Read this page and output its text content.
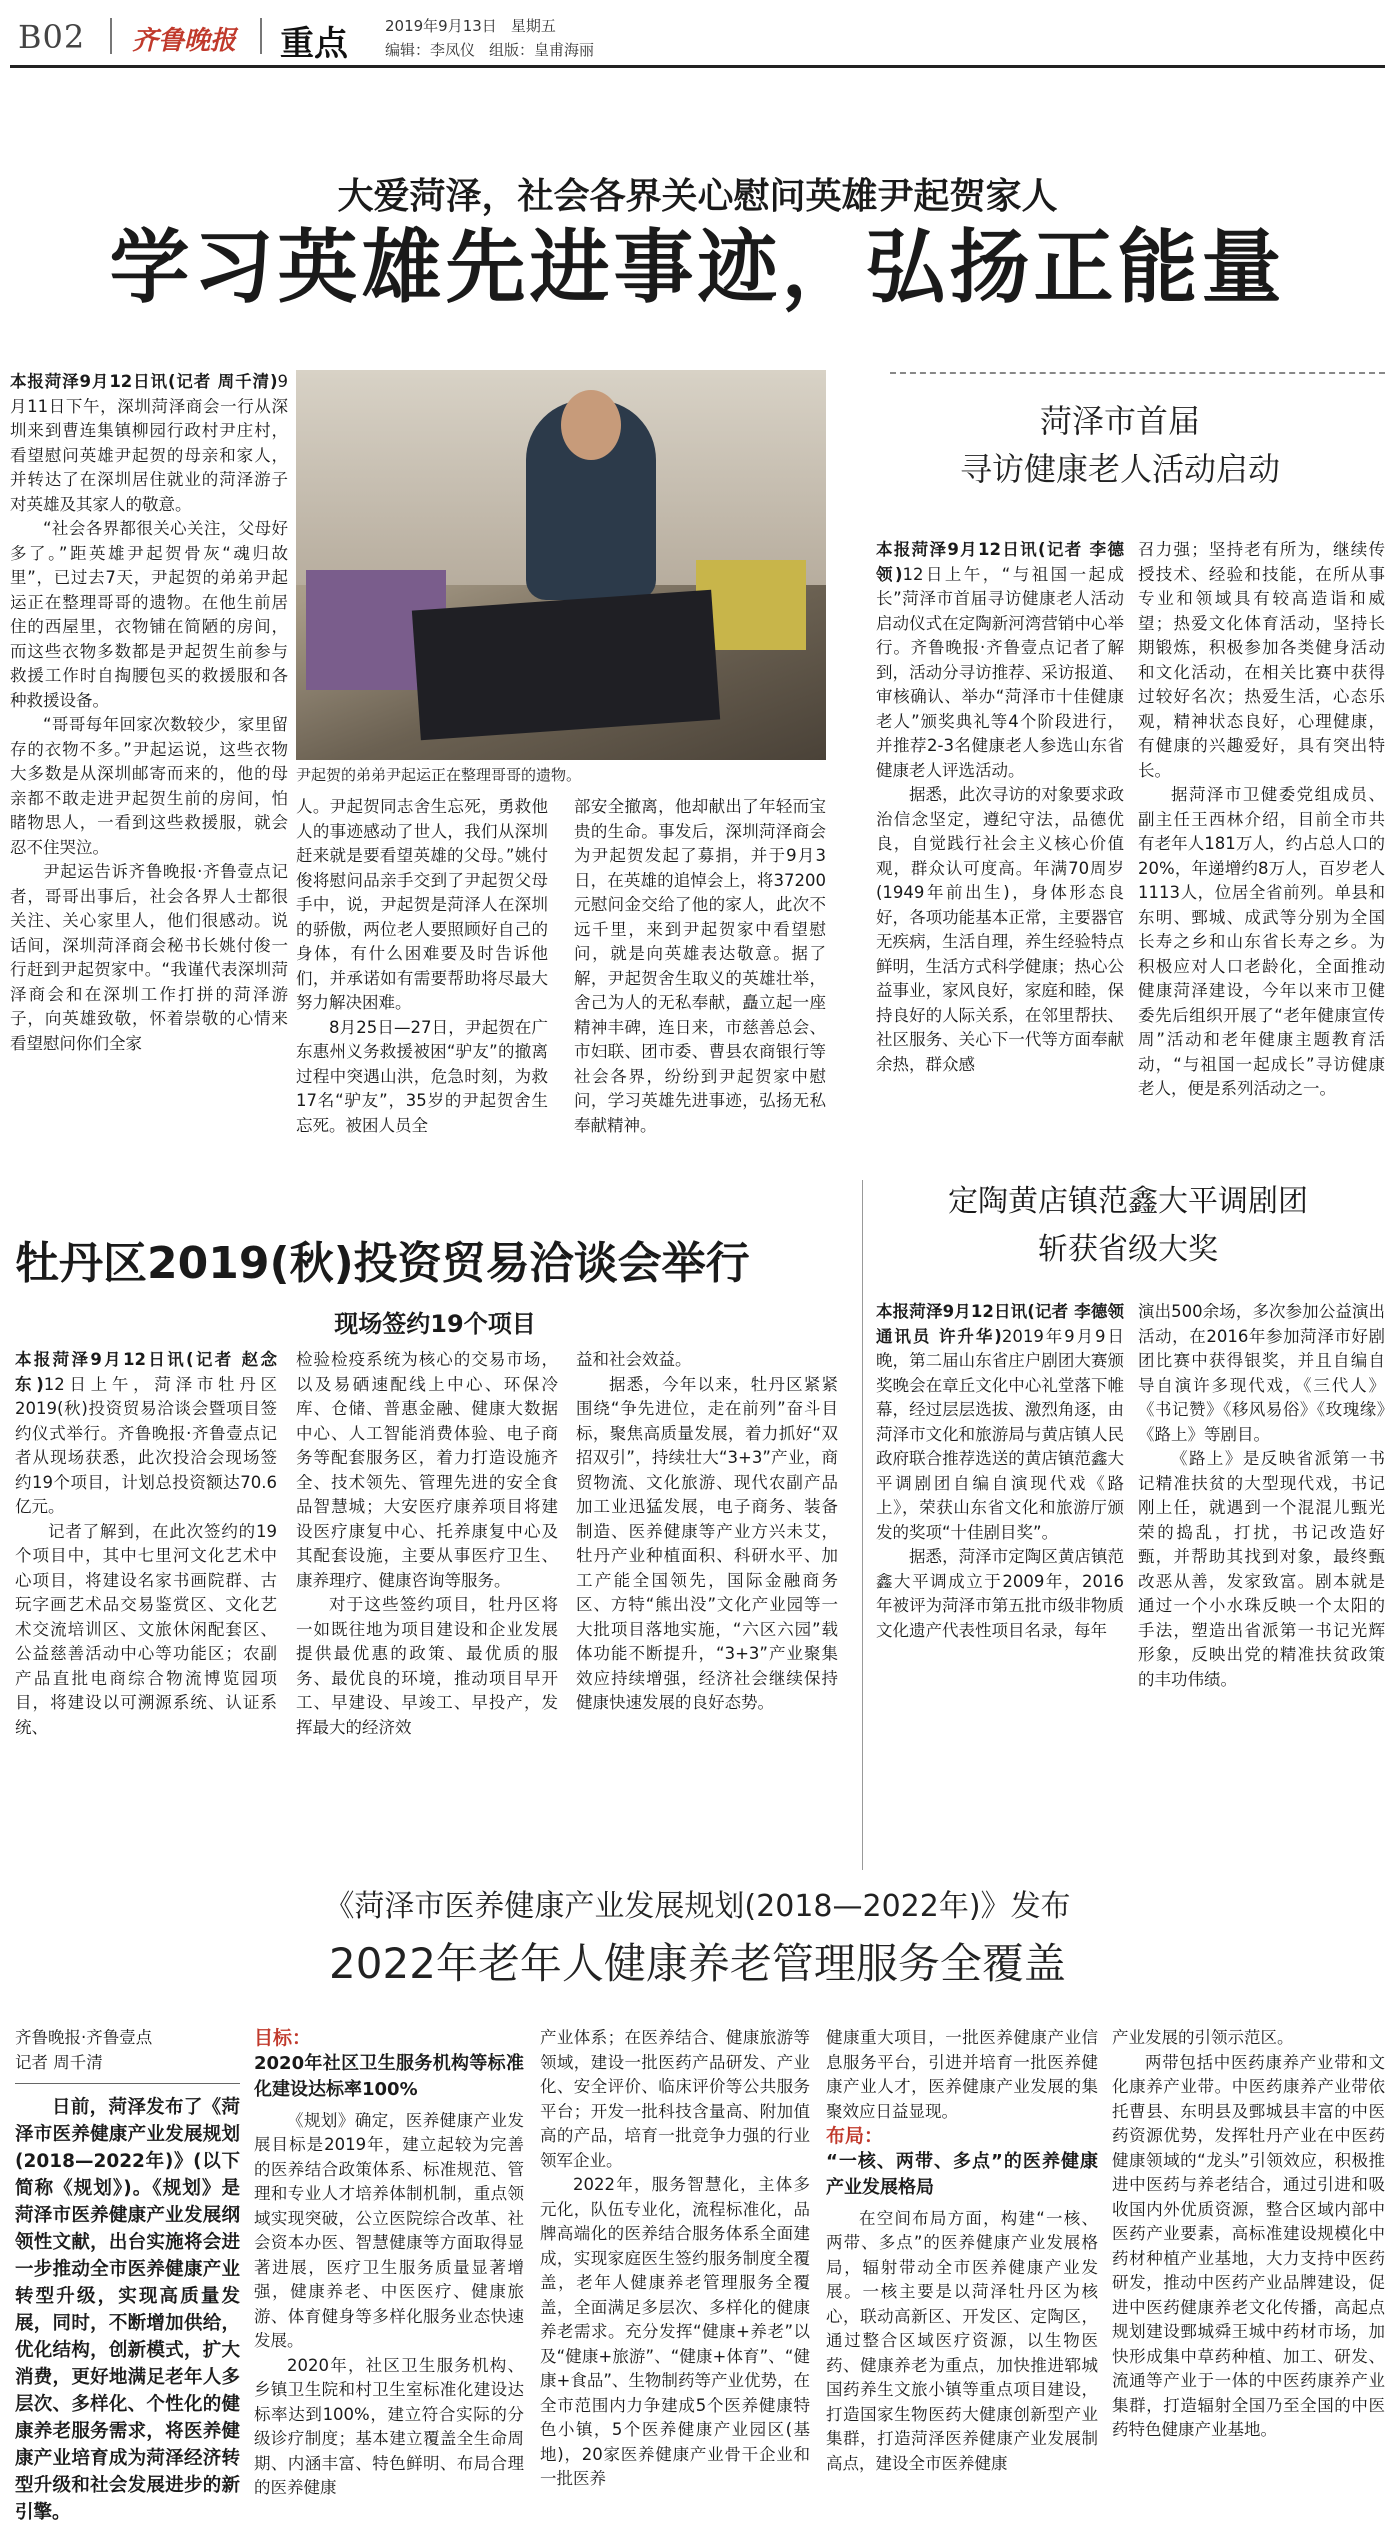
B02 齐鲁晚报 重点 2019年9月13日 星期五
编辑：李凤仪 组版：皇甫海丽
大爱菏泽，社会各界关心慰问英雄尹起贺家人
学习英雄先进事迹，弘扬正能量

本报菏泽9月12日讯(记者 周千清)9月11日下午，深圳菏泽商会一行从深圳来到曹连集镇柳园行政村尹庄村，看望慰问英雄尹起贺的母亲和家人，并转达了在深圳居住就业的菏泽游子对英雄及其家人的敬意。

“社会各界都很关心关注，父母好多了。”距英雄尹起贺骨灰“魂归故里”，已过去7天，尹起贺的弟弟尹起运正在整理哥哥的遗物。在他生前居住的西屋里，衣物铺在简陋的房间，而这些衣物多数都是尹起贺生前参与救援工作时自掏腰包买的救援服和各种救援设备。

“哥哥每年回家次数较少，家里留存的衣物不多。”尹起运说，这些衣物大多数是从深圳邮寄而来的，他的母亲都不敢走进尹起贺生前的房间，怕睹物思人，一看到这些救援服，就会忍不住哭泣。

尹起运告诉齐鲁晚报·齐鲁壹点记者，哥哥出事后，社会各界人士都很关注、关心家里人，他们很感动。说话间，深圳菏泽商会秘书长姚付俊一行赶到尹起贺家中。“我谨代表深圳菏泽商会和在深圳工作打拼的菏泽游子，向英雄致敬，怀着崇敬的心情来看望慰问你们全家

尹起贺的弟弟尹起运正在整理哥哥的遗物。

人。尹起贺同志舍生忘死，勇救他人的事迹感动了世人，我们从深圳赶来就是要看望英雄的父母。”姚付俊将慰问品亲手交到了尹起贺父母手中，说，尹起贺是菏泽人在深圳的骄傲，两位老人要照顾好自己的身体，有什么困难要及时告诉他们，并承诺如有需要帮助将尽最大努力解决困难。

8月25日—27日，尹起贺在广东惠州义务救援被困“驴友”的撤离过程中突遇山洪，危急时刻，为救17名“驴友”，35岁的尹起贺舍生忘死。被困人员全

部安全撤离，他却献出了年轻而宝贵的生命。事发后，深圳菏泽商会为尹起贺发起了募捐，并于9月3日，在英雄的追悼会上，将37200元慰问金交给了他的家人，此次不远千里，来到尹起贺家中看望慰问，就是向英雄表达敬意。据了解，尹起贺舍生取义的英雄壮举，舍己为人的无私奉献，矗立起一座精神丰碑，连日来，市慈善总会、市妇联、团市委、曹县农商银行等社会各界，纷纷到尹起贺家中慰问，学习英雄先进事迹，弘扬无私奉献精神。

菏泽市首届
寻访健康老人活动启动

本报菏泽9月12日讯(记者 李德领)12日上午，“与祖国一起成长”菏泽市首届寻访健康老人活动启动仪式在定陶新河湾营销中心举行。齐鲁晚报·齐鲁壹点记者了解到，活动分寻访推荐、采访报道、审核确认、举办“菏泽市十佳健康老人”颁奖典礼等4个阶段进行，并推荐2-3名健康老人参选山东省健康老人评选活动。

据悉，此次寻访的对象要求政治信念坚定，遵纪守法，品德优良，自觉践行社会主义核心价值观，群众认可度高。年满70周岁(1949年前出生)，身体形态良好，各项功能基本正常，主要器官无疾病，生活自理，养生经验特点鲜明，生活方式科学健康；热心公益事业，家风良好，家庭和睦，保持良好的人际关系，在邻里帮扶、社区服务、关心下一代等方面奉献余热，群众感

召力强；坚持老有所为，继续传授技术、经验和技能，在所从事专业和领域具有较高造诣和威望；热爱文化体育活动，坚持长期锻炼，积极参加各类健身活动和文化活动，在相关比赛中获得过较好名次；热爱生活，心态乐观，精神状态良好，心理健康，有健康的兴趣爱好，具有突出特长。

据菏泽市卫健委党组成员、副主任王西林介绍，目前全市共有老年人181万人，约占总人口的20%，年递增约8万人，百岁老人1113人，位居全省前列。单县和东明、鄄城、成武等分别为全国长寿之乡和山东省长寿之乡。为积极应对人口老龄化，全面推动健康菏泽建设，今年以来市卫健委先后组织开展了“老年健康宣传周”活动和老年健康主题教育活动，“与祖国一起成长”寻访健康老人，便是系列活动之一。

牡丹区2019(秋)投资贸易洽谈会举行
现场签约19个项目

本报菏泽9月12日讯(记者 赵念东)12日上午，菏泽市牡丹区2019(秋)投资贸易洽谈会暨项目签约仪式举行。齐鲁晚报·齐鲁壹点记者从现场获悉，此次投洽会现场签约19个项目，计划总投资额达70.6亿元。

记者了解到，在此次签约的19个项目中，其中七里河文化艺术中心项目，将建设名家书画院群、古玩字画艺术品交易鉴赏区、文化艺术交流培训区、文旅休闲配套区、公益慈善活动中心等功能区；农副产品直批电商综合物流博览园项目，将建设以可溯源系统、认证系统、

检验检疫系统为核心的交易市场，以及易硒速配线上中心、环保冷库、仓储、普惠金融、健康大数据中心、人工智能消费体验、电子商务等配套服务区，着力打造设施齐全、技术领先、管理先进的安全食品智慧城；大安医疗康养项目将建设医疗康复中心、托养康复中心及其配套设施，主要从事医疗卫生、康养理疗、健康咨询等服务。

对于这些签约项目，牡丹区将一如既往地为项目建设和企业发展提供最优惠的政策、最优质的服务、最优良的环境，推动项目早开工、早建设、早竣工、早投产，发挥最大的经济效

益和社会效益。

据悉，今年以来，牡丹区紧紧围绕“争先进位，走在前列”奋斗目标，聚焦高质量发展，着力抓好“双招双引”，持续壮大“3+3”产业，商贸物流、文化旅游、现代农副产品加工业迅猛发展，电子商务、装备制造、医养健康等产业方兴未艾，牡丹产业种植面积、科研水平、加工产能全国领先，国际金融商务区、方特“熊出没”文化产业园等一大批项目落地实施，“六区六园”载体功能不断提升，“3+3”产业聚集效应持续增强，经济社会继续保持健康快速发展的良好态势。

定陶黄店镇范鑫大平调剧团
斩获省级大奖

本报菏泽9月12日讯(记者 李德领 通讯员 许升华)2019年9月9日晚，第二届山东省庄户剧团大赛颁奖晚会在章丘文化中心礼堂落下帷幕，经过层层选拔、激烈角逐，由菏泽市文化和旅游局与黄店镇人民政府联合推荐选送的黄店镇范鑫大平调剧团自编自演现代戏《路上》，荣获山东省文化和旅游厅颁发的奖项“十佳剧目奖”。

据悉，菏泽市定陶区黄店镇范鑫大平调成立于2009年，2016年被评为菏泽市第五批市级非物质文化遗产代表性项目名录，每年

演出500余场，多次参加公益演出活动，在2016年参加菏泽市好剧团比赛中获得银奖，并且自编自导自演许多现代戏，《三代人》《书记赞》《移风易俗》《玫瑰缘》《路上》等剧目。

《路上》是反映省派第一书记精准扶贫的大型现代戏，书记刚上任，就遇到一个混混儿甄光荣的捣乱，打扰，书记改造好甄，并帮助其找到对象，最终甄改恶从善，发家致富。剧本就是通过一个小水珠反映一个太阳的手法，塑造出省派第一书记光辉形象，反映出党的精准扶贫政策的丰功伟绩。

《菏泽市医养健康产业发展规划(2018—2022年)》发布
2022年老年人健康养老管理服务全覆盖

齐鲁晚报·齐鲁壹点

记者 周千清

日前，菏泽发布了《菏泽市医养健康产业发展规划(2018—2022年)》(以下简称《规划》)。《规划》是菏泽市医养健康产业发展纲领性文献，出台实施将会进一步推动全市医养健康产业转型升级，实现高质量发展，同时，不断增加供给，优化结构，创新模式，扩大消费，更好地满足老年人多层次、多样化、个性化的健康养老服务需求，将医养健康产业培育成为菏泽经济转型升级和社会发展进步的新引擎。

目标：
2020年社区卫生服务机构等标准化建设达标率100%

《规划》确定，医养健康产业发展目标是2019年，建立起较为完善的医养结合政策体系、标准规范、管理和专业人才培养体制机制，重点领域实现突破，公立医院综合改革、社会资本办医、智慧健康等方面取得显著进展，医疗卫生服务质量显著增强，健康养老、中医医疗、健康旅游、体育健身等多样化服务业态快速发展。

2020年，社区卫生服务机构、乡镇卫生院和村卫生室标准化建设达标率达到100%，建立符合实际的分级诊疗制度；基本建立覆盖全生命周期、内涵丰富、特色鲜明、布局合理的医养健康

产业体系；在医养结合、健康旅游等领域，建设一批医药产品研发、产业化、安全评价、临床评价等公共服务平台；开发一批科技含量高、附加值高的产品，培育一批竞争力强的行业领军企业。

2022年，服务智慧化，主体多元化，队伍专业化，流程标准化，品牌高端化的医养结合服务体系全面建成，实现家庭医生签约服务制度全覆盖，老年人健康养老管理服务全覆盖，全面满足多层次、多样化的健康养老需求。充分发挥“健康+养老”以及“健康+旅游”、“健康+体育”、“健康+食品”、生物制药等产业优势，在全市范围内力争建成5个医养健康特色小镇，5个医养健康产业园区(基地)，20家医养健康产业骨干企业和一批医养

健康重大项目，一批医养健康产业信息服务平台，引进并培育一批医养健康产业人才，医养健康产业发展的集聚效应日益显现。

布局：
“一核、两带、多点”的医养健康产业发展格局

在空间布局方面，构建“一核、两带、多点”的医养健康产业发展格局，辐射带动全市医养健康产业发展。一核主要是以菏泽牡丹区为核心，联动高新区、开发区、定陶区，通过整合区域医疗资源，以生物医药、健康养老为重点，加快推进郓城国药养生文旅小镇等重点项目建设，打造国家生物医药大健康创新型产业集群，打造菏泽医养健康产业发展制高点，建设全市医养健康

产业发展的引领示范区。

两带包括中医药康养产业带和文化康养产业带。中医药康养产业带依托曹县、东明县及鄄城县丰富的中医药资源优势，发挥牡丹产业在中医药健康领域的“龙头”引领效应，积极推进中医药与养老结合，通过引进和吸收国内外优质资源，整合区域内部中医药产业要素，高标准建设规模化中药材种植产业基地，大力支持中医药研发，推动中医药产业品牌建设，促进中医药健康养老文化传播，高起点规划建设鄄城舜王城中药材市场，加快形成集中草药种植、加工、研发、流通等产业于一体的中医药康养产业集群，打造辐射全国乃至全国的中医药特色健康产业基地。
